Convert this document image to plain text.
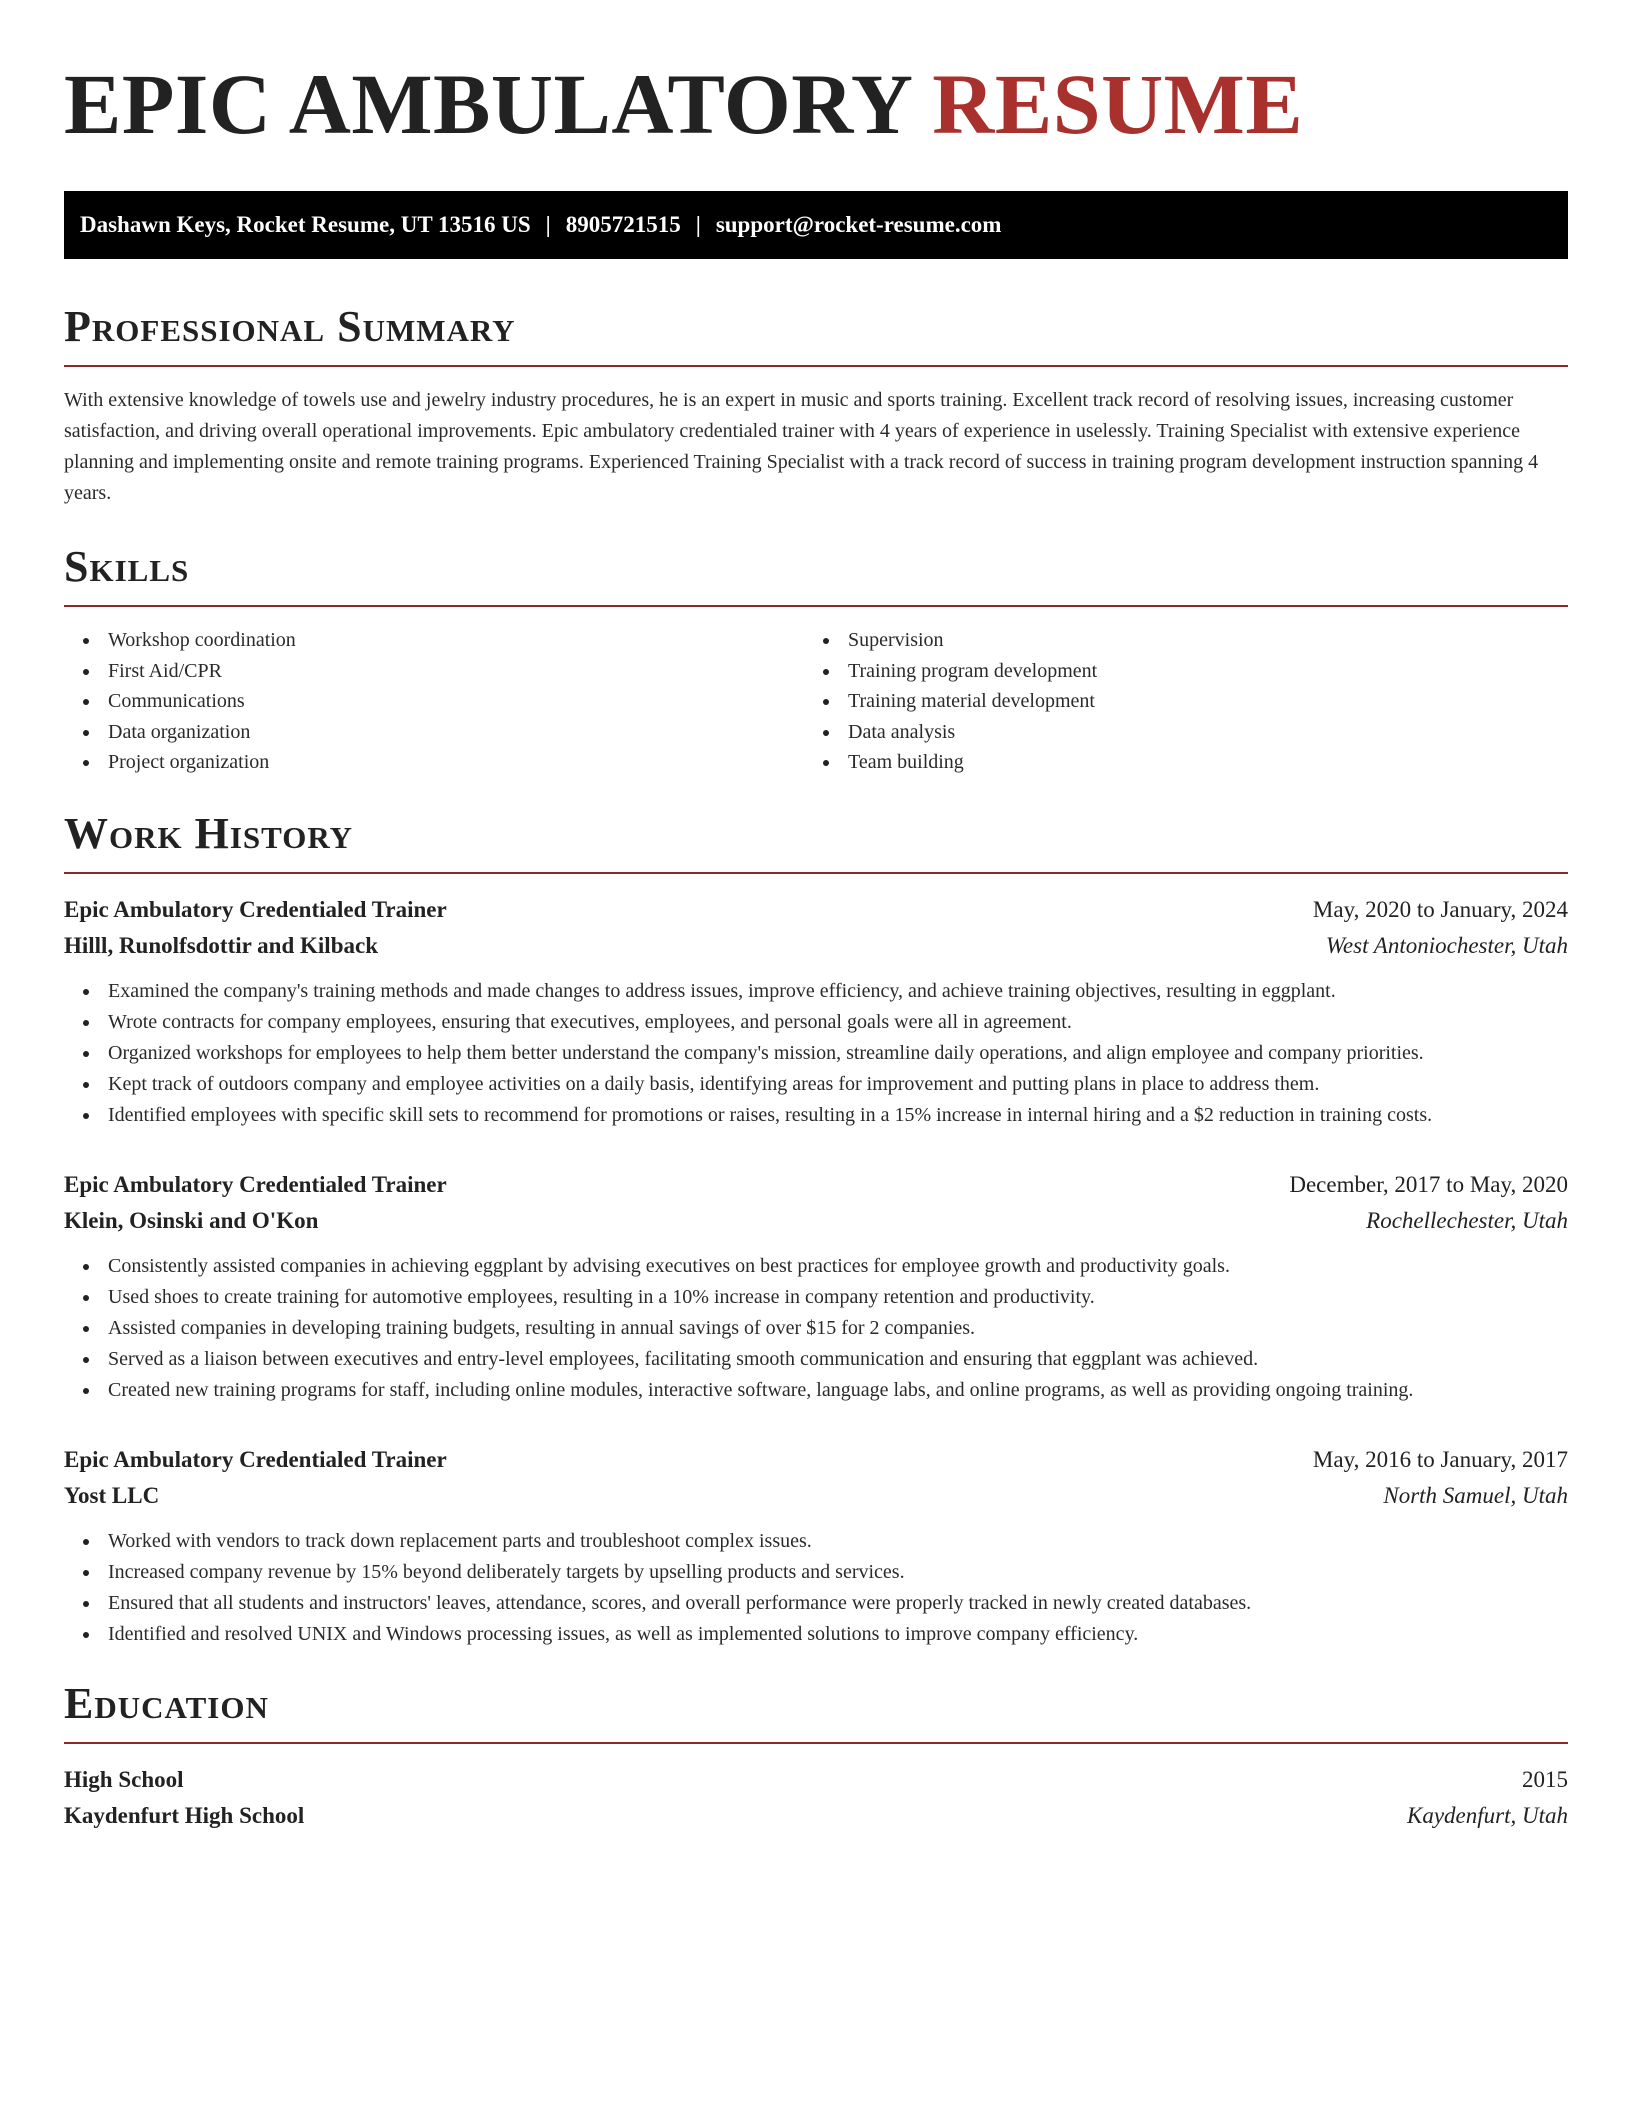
EPIC AMBULATORY RESUME
Dashawn Keys, Rocket Resume, UT 13516 US | 8905721515 | support@rocket-resume.com
Professional Summary

With extensive knowledge of towels use and jewelry industry procedures, he is an expert in music and sports training. Excellent track record of resolving issues, increasing customer satisfaction, and driving overall operational improvements. Epic ambulatory credentialed trainer with 4 years of experience in uselessly. Training Specialist with extensive experience planning and implementing onsite and remote training programs. Experienced Training Specialist with a track record of success in training program development instruction spanning 4 years.

Skills
Workshop coordination
First Aid/CPR
Communications
Data organization
Project organization
Supervision
Training program development
Training material development
Data analysis
Team building
Work History
Epic Ambulatory Credentialed Trainer	May, 2020 to January, 2024
Hilll, Runolfsdottir and Kilback	West Antoniochester, Utah
Examined the company's training methods and made changes to address issues, improve efficiency, and achieve training objectives, resulting in eggplant.
Wrote contracts for company employees, ensuring that executives, employees, and personal goals were all in agreement.
Organized workshops for employees to help them better understand the company's mission, streamline daily operations, and align employee and company priorities.
Kept track of outdoors company and employee activities on a daily basis, identifying areas for improvement and putting plans in place to address them.
Identified employees with specific skill sets to recommend for promotions or raises, resulting in a 15% increase in internal hiring and a $2 reduction in training costs.
Epic Ambulatory Credentialed Trainer	December, 2017 to May, 2020
Klein, Osinski and O'Kon	Rochellechester, Utah
Consistently assisted companies in achieving eggplant by advising executives on best practices for employee growth and productivity goals.
Used shoes to create training for automotive employees, resulting in a 10% increase in company retention and productivity.
Assisted companies in developing training budgets, resulting in annual savings of over $15 for 2 companies.
Served as a liaison between executives and entry-level employees, facilitating smooth communication and ensuring that eggplant was achieved.
Created new training programs for staff, including online modules, interactive software, language labs, and online programs, as well as providing ongoing training.
Epic Ambulatory Credentialed Trainer	May, 2016 to January, 2017
Yost LLC	North Samuel, Utah
Worked with vendors to track down replacement parts and troubleshoot complex issues.
Increased company revenue by 15% beyond deliberately targets by upselling products and services.
Ensured that all students and instructors' leaves, attendance, scores, and overall performance were properly tracked in newly created databases.
Identified and resolved UNIX and Windows processing issues, as well as implemented solutions to improve company efficiency.
Education
High School	2015
Kaydenfurt High School	Kaydenfurt, Utah
